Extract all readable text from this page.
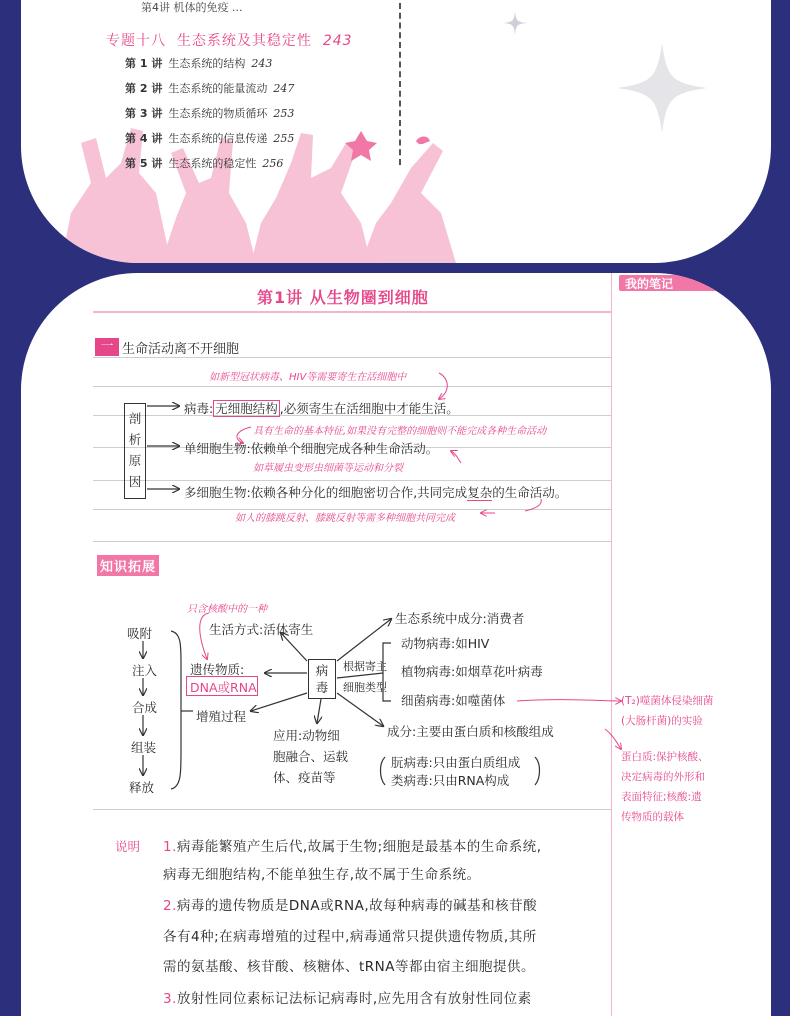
第4讲 机体的免疫 ...
专题十八 生态系统及其稳定性 243
第 1 讲 生态系统的结构 243
第 2 讲 生态系统的能量流动 247
第 3 讲 生态系统的物质循环 253
第 4 讲 生态系统的信息传递 255
第 5 讲 生态系统的稳定性 256
我的笔记
第1讲 从生物圈到细胞
一 生命活动离不开细胞
剖
析
原
因
如新型冠状病毒、HIV等需要寄生在活细胞中
病毒: 无细胞结构 ,必须寄生在活细胞中才能生活。
具有生命的基本特征,如果没有完整的细胞则不能完成各种生命活动
单细胞生物:依赖单个细胞完成各种生命活动。
如草履虫变形虫细菌等运动和分裂
多细胞生物:依赖各种分化的细胞密切合作,共同完成复杂的生命活动。
如人的膝跳反射、膝跳反射等需多种细胞共同完成
知识拓展
吸附
注入
合成
组装
释放
只含核酸中的一种
生活方式:活体寄生
遗传物质:
DNA或RNA
增殖过程
病
毒
根据寄主
细胞类型
生态系统中成分:消费者
动物病毒:如HIV
植物病毒:如烟草花叶病毒
细菌病毒:如噬菌体
成分:主要由蛋白质和核酸组成
应用:动物细
胞融合、运载
体、疫苗等
朊病毒:只由蛋白质组成
类病毒:只由RNA构成
(T₂)噬菌体侵染细菌
(大肠杆菌)的实验
蛋白质:保护核酸、
决定病毒的外形和
表面特征;核酸:遗
传物质的载体
说明 1.病毒能繁殖产生后代,故属于生物;细胞是最基本的生命系统,
病毒无细胞结构,不能单独生存,故不属于生命系统。
2.病毒的遗传物质是DNA或RNA,故每种病毒的碱基和核苷酸
各有4种;在病毒增殖的过程中,病毒通常只提供遗传物质,其所
需的氨基酸、核苷酸、核糖体、tRNA等都由宿主细胞提供。
3.放射性同位素标记法标记病毒时,应先用含有放射性同位素
